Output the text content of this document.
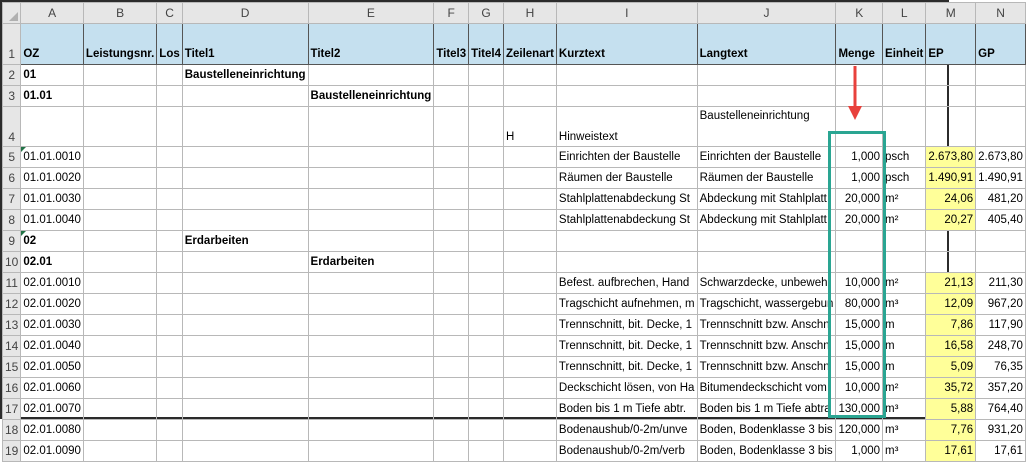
	A	B	C	D	E	F	G	H	I	J	K	L	M	N
1	OZ	Leistungsnr.	Los	Titel1	Titel2	Titel3	Titel4	Zeilenart	Kurztext	Langtext	Menge	Einheit	EP	GP
2	01			Baustelleneinrichtung										
3	01.01				Baustelleneinrichtung									
4								H	Hinweistext	Baustelleneinrichtung				
5	01.01.0010								Einrichten der Baustelle	Einrichten der Baustelle	1,000	psch	2.673,80	2.673,80
6	01.01.0020								Räumen der Baustelle	Räumen der Baustelle	1,000	psch	1.490,91	1.490,91
7	01.01.0030								Stahlplattenabdeckung St	Abdeckung mit Stahlplatt	20,000	m²	24,06	481,20
8	01.01.0040								Stahlplattenabdeckung St	Abdeckung mit Stahlplatt	20,000	m²	20,27	405,40
9	02			Erdarbeiten										
10	02.01				Erdarbeiten									
11	02.01.0010								Befest. aufbrechen, Hand	Schwarzdecke, unbeweh	10,000	m²	21,13	211,30
12	02.01.0020								Tragschicht aufnehmen, m	Tragschicht, wassergebun	80,000	m³	12,09	967,20
13	02.01.0030								Trennschnitt, bit. Decke, 1	Trennschnitt bzw. Anschn	15,000	m	7,86	117,90
14	02.01.0040								Trennschnitt, bit. Decke, 1	Trennschnitt bzw. Anschn	15,000	m	16,58	248,70
15	02.01.0050								Trennschnitt, bit. Decke, 1	Trennschnitt bzw. Anschn	15,000	m	5,09	76,35
16	02.01.0060								Deckschicht lösen, von Ha	Bitumendeckschicht vom	10,000	m²	35,72	357,20
17	02.01.0070								Boden bis 1 m Tiefe abtr.	Boden bis 1 m Tiefe abtra	130,000	m³	5,88	764,40
18	02.01.0080								Bodenaushub/0-2m/unve	Boden, Bodenklasse 3 bis	120,000	m³	7,76	931,20
19	02.01.0090								Bodenaushub/0-2m/verb	Boden, Bodenklasse 3 bis	1,000	m³	17,61	17,61
